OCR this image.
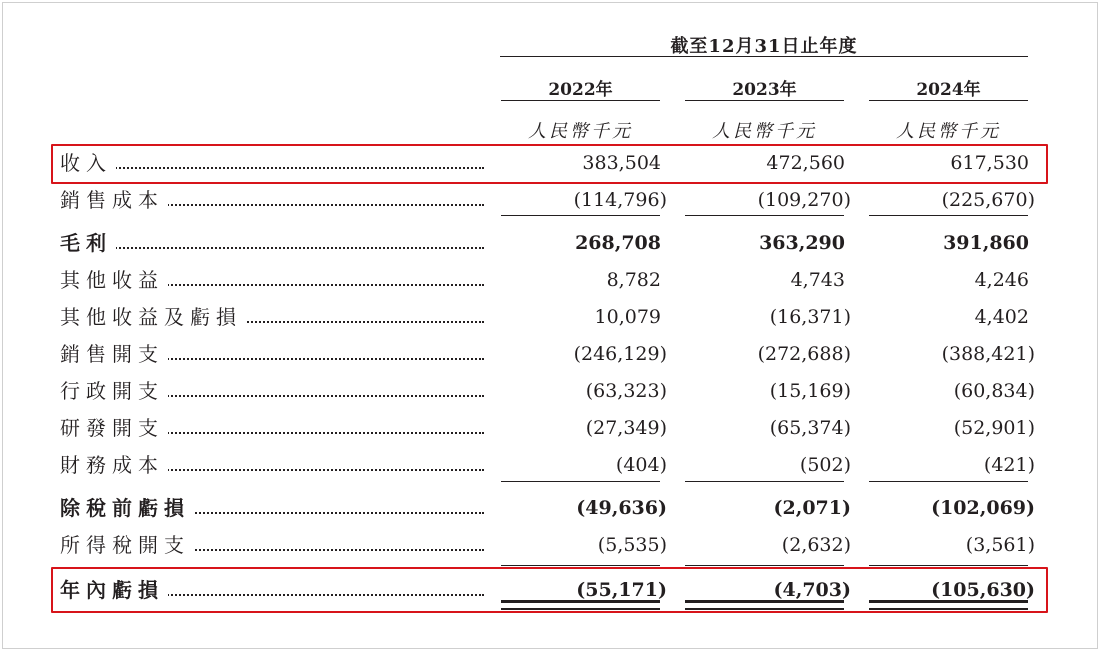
截至12月31日止年度
2022年	2023年	2024年
人民幣千元	人民幣千元	人民幣千元
收入	383,504	472,560	617,530
銷售成本	(114,796)	(109,270)	(225,670)
毛利	268,708	363,290	391,860
其他收益	8,782	4,743	4,246
其他收益及虧損	10,079	(16,371)	4,402
銷售開支	(246,129)	(272,688)	(388,421)
行政開支	(63,323)	(15,169)	(60,834)
研發開支	(27,349)	(65,374)	(52,901)
財務成本	(404)	(502)	(421)
除稅前虧損	(49,636)	(2,071)	(102,069)
所得稅開支	(5,535)	(2,632)	(3,561)
年內虧損	(55,171)	(4,703)	(105,630)
